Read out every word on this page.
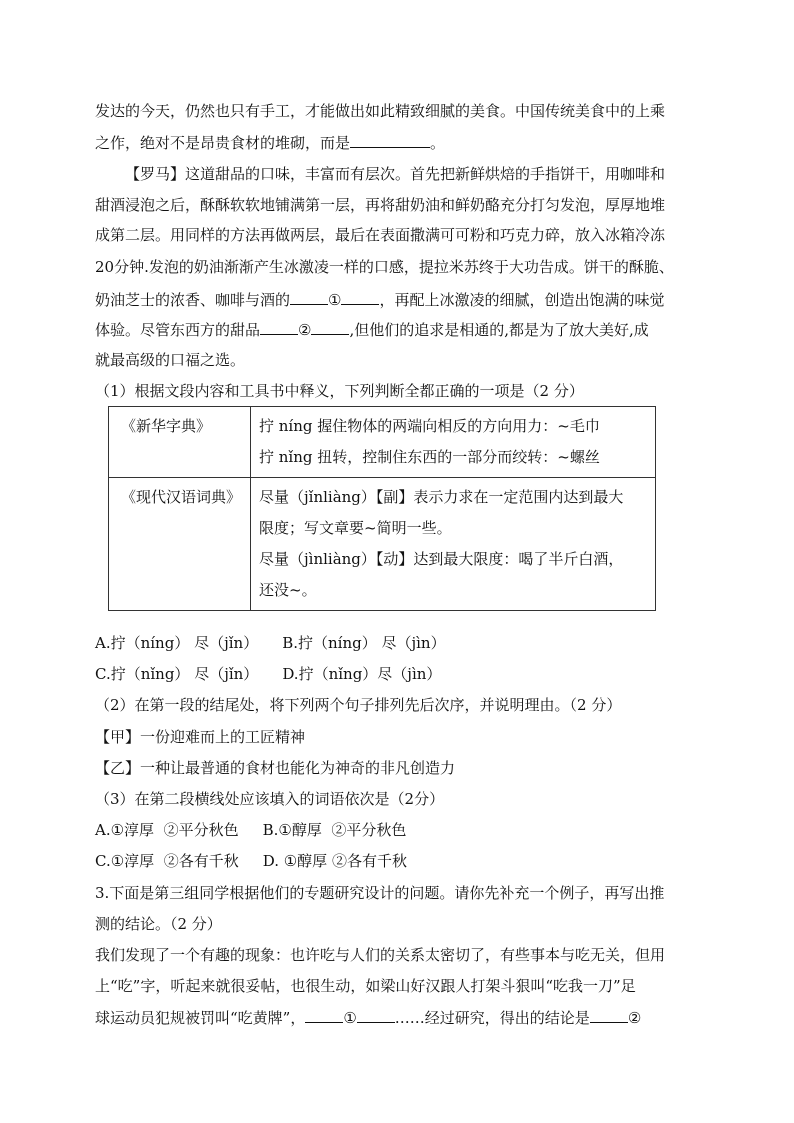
发达的今天，仍然也只有手工，才能做出如此精致细腻的美食。中国传统美食中的上乘
之作，绝对不是昂贵食材的堆砌，而是	。
【罗马】这道甜品的口味，丰富而有层次。首先把新鲜烘焙的手指饼干，用咖啡和
甜酒浸泡之后，酥酥软软地铺满第一层，再将甜奶油和鲜奶酪充分打匀发泡，厚厚地堆
成第二层。用同样的方法再做两层，最后在表面撒满可可粉和巧克力碎，放入冰箱冷冻
20分钟.发泡的奶油渐渐产生冰激凌一样的口感，提拉米苏终于大功告成。饼干的酥脆、
奶油芝士的浓香、咖啡与酒的	①	，再配上冰激凌的细腻，创造出饱满的味觉
体验。尽管东西方的甜品	②	,但他们的追求是相通的,都是为了放大美好,成
就最高级的口福之选。
（1）根据文段内容和工具书中释义，下列判断全都正确的一项是（2 分）
《新华字典》	拧 níng 握住物体的两端向相反的方向用力：~毛巾
拧 nǐng 扭转，控制住东西的一部分而绞转：~螺丝

《现代汉语词典》	尽量（jǐnliàng）【副】表示力求在一定范围内达到最大
限度；写文章要~简明一些。
尽量（jìnliàng）【动】达到最大限度：喝了半斤白酒，
还没~。
A.拧（níng） 尽（jǐn） B.拧（níng） 尽（jìn）
C.拧（nǐng） 尽（jǐn） D.拧（nǐng）尽（jìn）
（2）在第一段的结尾处，将下列两个句子排列先后次序，并说明理由。（2 分）
【甲】一份迎难而上的工匠精神
【乙】一种让最普通的食材也能化为神奇的非凡创造力
（3）在第二段横线处应该填入的词语依次是（2分）
A.①淳厚  ②平分秋色 B.①醇厚  ②平分秋色
C.①淳厚  ②各有千秋 D. ①醇厚 ②各有千秋
3.下面是第三组同学根据他们的专题研究设计的问题。请你先补充一个例子，再写出推
测的结论。（2 分）
我们发现了一个有趣的现象：也许吃与人们的关系太密切了，有些事本与吃无关，但用
上“吃”字，听起来就很妥帖，也很生动，如梁山好汉跟人打架斗狠叫“吃我一刀”足
球运动员犯规被罚叫“吃黄牌”，	①	……经过研究，得出的结论是	②
